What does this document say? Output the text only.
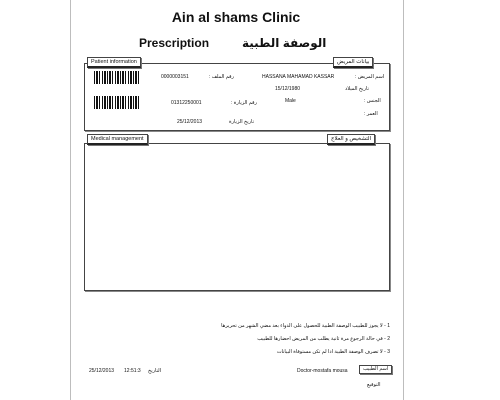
Ain al shams Clinic
Prescription	الوصفة الطبية
Patient information	بيانات المريض
0000003151	رقم الملف :	HASSANA MAHAMAD KASSAR	اسم المريض :
15/12/1980	تاريخ الميلاد
01312250001	رقم الزيارة :	Male	الجنس :
25/12/2013	تاريخ الزيارة
العمر :
Medical management	التشخيص و العلاج
1 - لا يجوز للطبيب الوصفة الطبية للحصول على الدواء بعد مضي الشهر من تحريرها
2 - في حالة الرجوع مرة ثانية يطلب من المريض احضارها للطبيب
3 - لا تصرف الوصفة الطبية اذا لم تكن مستوفاة البيانات
25/12/2013 12:51:3 التاريخ	Doctor-mostafa mousa	اسم الطبيب
التوقيع
